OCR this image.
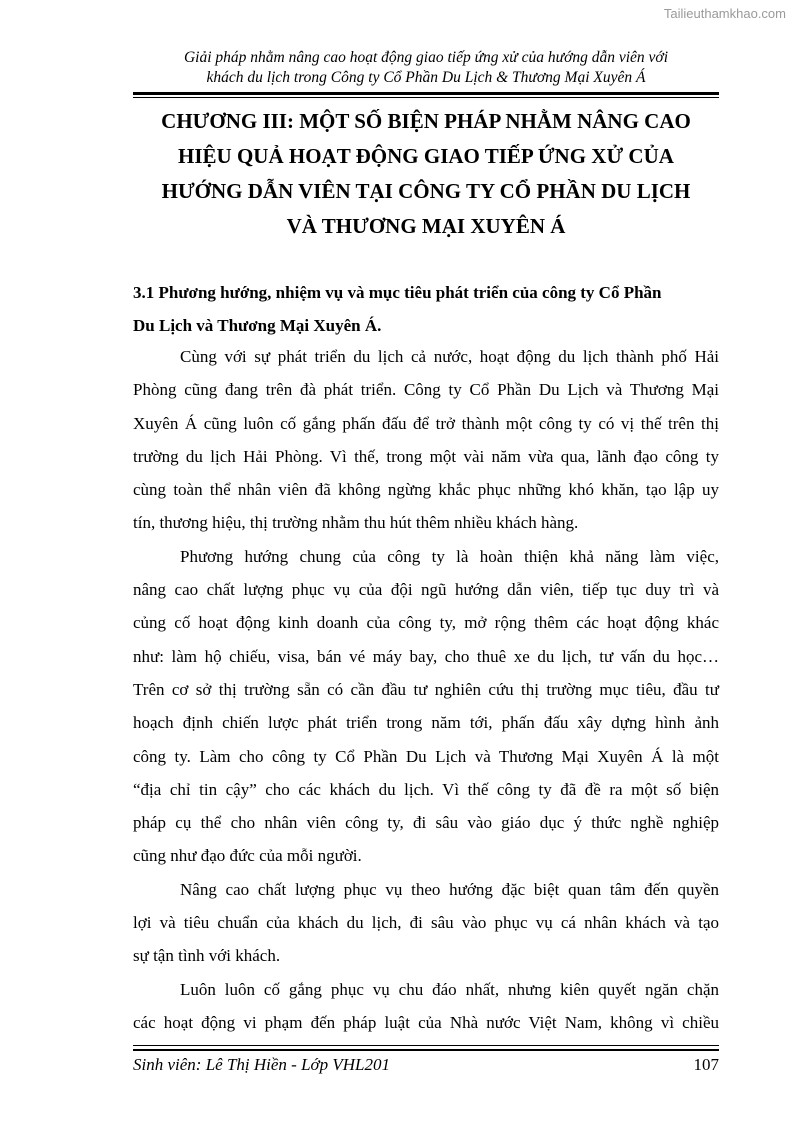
Tailieuthamkhao.com
Giải pháp nhằm nâng cao hoạt động giao tiếp ứng xử của hướng dẫn viên với
khách du lịch trong Công ty Cổ Phần Du Lịch & Thương Mại Xuyên Á
CHƯƠNG III: MỘT SỐ BIỆN PHÁP NHẰM NÂNG CAO
HIỆU QUẢ HOẠT ĐỘNG GIAO TIẾP ỨNG XỬ CỦA
HƯỚNG DẪN VIÊN TẠI CÔNG TY CỔ PHẦN DU LỊCH
VÀ THƯƠNG MẠI XUYÊN Á
3.1 Phương hướng, nhiệm vụ và mục tiêu phát triển của công ty Cổ Phần
Du Lịch và Thương Mại Xuyên Á.

Cùng với sự phát triển du lịch cả nước, hoạt động du lịch thành phố Hải
Phòng cũng đang trên đà phát triển. Công ty Cổ Phần Du Lịch và Thương Mại
Xuyên Á cũng luôn cố gắng phấn đấu để trở thành một công ty có vị thế trên thị
trường du lịch Hải Phòng. Vì thế, trong một vài năm vừa qua, lãnh đạo công ty
cùng toàn thể nhân viên đã không ngừng khắc phục những khó khăn, tạo lập uy
tín, thương hiệu, thị trường nhằm thu hút thêm nhiều khách hàng.

Phương hướng chung của công ty là hoàn thiện khả năng làm việc,
nâng cao chất lượng phục vụ của đội ngũ hướng dẫn viên, tiếp tục duy trì và
củng cố hoạt động kinh doanh của công ty, mở rộng thêm các hoạt động khác
như: làm hộ chiếu, visa, bán vé máy bay, cho thuê xe du lịch, tư vấn du học…
Trên cơ sở thị trường sẵn có cần đầu tư nghiên cứu thị trường mục tiêu, đầu tư
hoạch định chiến lược phát triển trong năm tới, phấn đấu xây dựng hình ảnh
công ty. Làm cho công ty Cổ Phần Du Lịch và Thương Mại Xuyên Á là một
“địa chỉ tin cậy” cho các khách du lịch. Vì thế công ty đã đề ra một số biện
pháp cụ thể cho nhân viên công ty, đi sâu vào giáo dục ý thức nghề nghiệp
cũng như đạo đức của mỗi người.

Nâng cao chất lượng phục vụ theo hướng đặc biệt quan tâm đến quyền
lợi và tiêu chuẩn của khách du lịch, đi sâu vào phục vụ cá nhân khách và tạo
sự tận tình với khách.

Luôn luôn cố gắng phục vụ chu đáo nhất, nhưng kiên quyết ngăn chặn
các hoạt động vi phạm đến pháp luật của Nhà nước Việt Nam, không vì chiều

Sinh viên: Lê Thị Hiền - Lớp VHL201	107
